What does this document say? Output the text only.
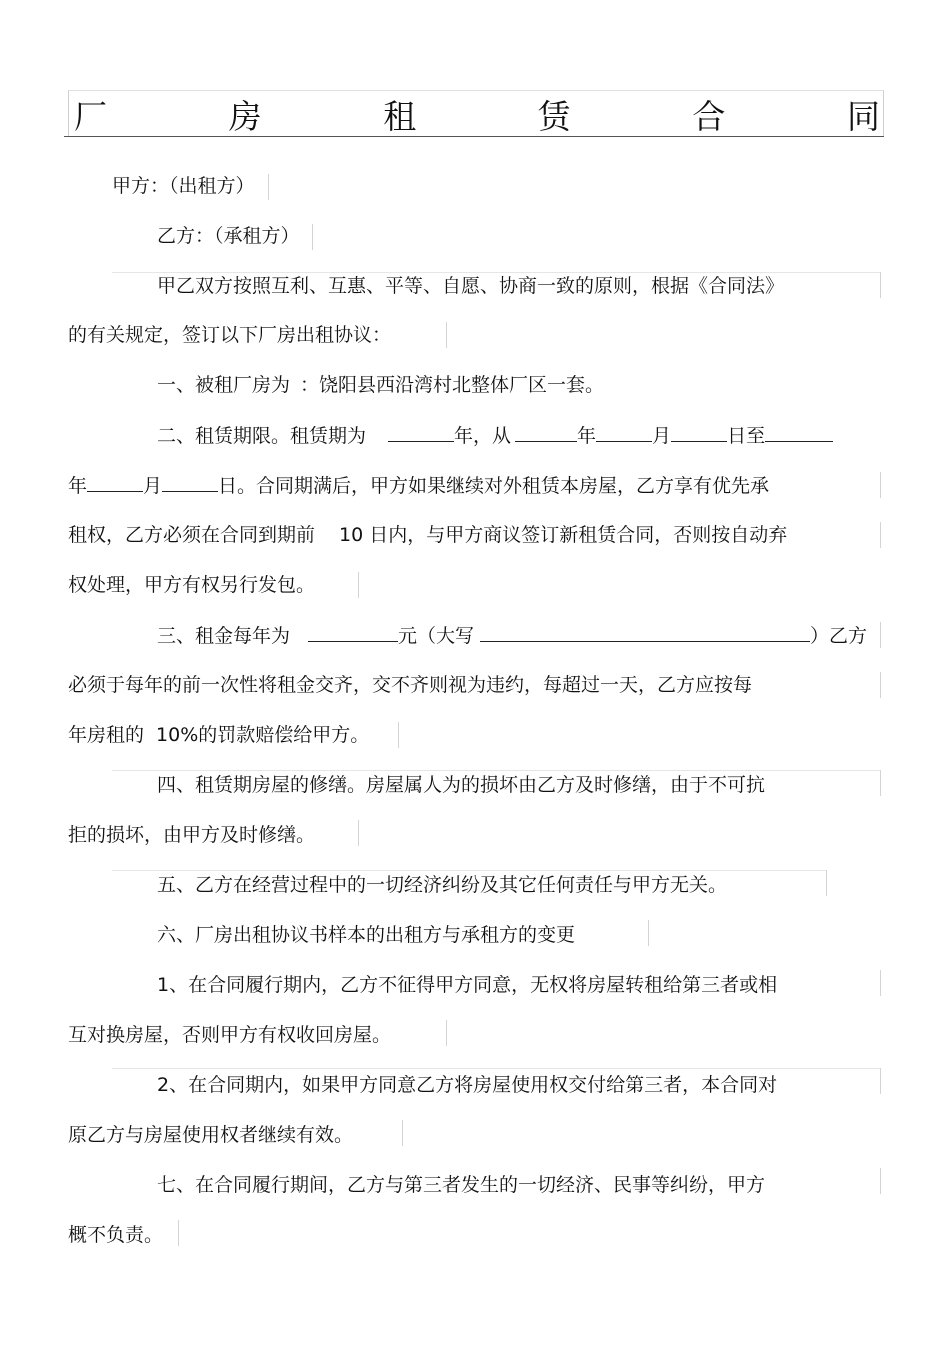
厂	房	租	赁	合	同
甲方：（出租方）
乙方：（承租方）
甲乙双方按照互利、互惠、平等、自愿、协商一致的原则，根据《合同法》
的有关规定，签订以下厂房出租协议：
一、被租厂房为 ：饶阳县西沿湾村北整体厂区一套。
二、租赁期限。租赁期为	年，从	年	月	日至
年	月	日。合同期满后，甲方如果继续对外租赁本房屋，乙方享有优先承
租权，乙方必须在合同到期前 10 日内，与甲方商议签订新租赁合同，否则按自动弃
权处理，甲方有权另行发包。
三、租金每年为	元（大写	）乙方
必须于每年的前一次性将租金交齐，交不齐则视为违约，每超过一天，乙方应按每
年房租的 10%的罚款赔偿给甲方。
四、租赁期房屋的修缮。房屋属人为的损坏由乙方及时修缮，由于不可抗
拒的损坏，由甲方及时修缮。
五、乙方在经营过程中的一切经济纠纷及其它任何责任与甲方无关。
六、厂房出租协议书样本的出租方与承租方的变更
1、在合同履行期内，乙方不征得甲方同意，无权将房屋转租给第三者或相
互对换房屋，否则甲方有权收回房屋。
2、在合同期内，如果甲方同意乙方将房屋使用权交付给第三者，本合同对
原乙方与房屋使用权者继续有效。
七、在合同履行期间，乙方与第三者发生的一切经济、民事等纠纷，甲方
概不负责。
